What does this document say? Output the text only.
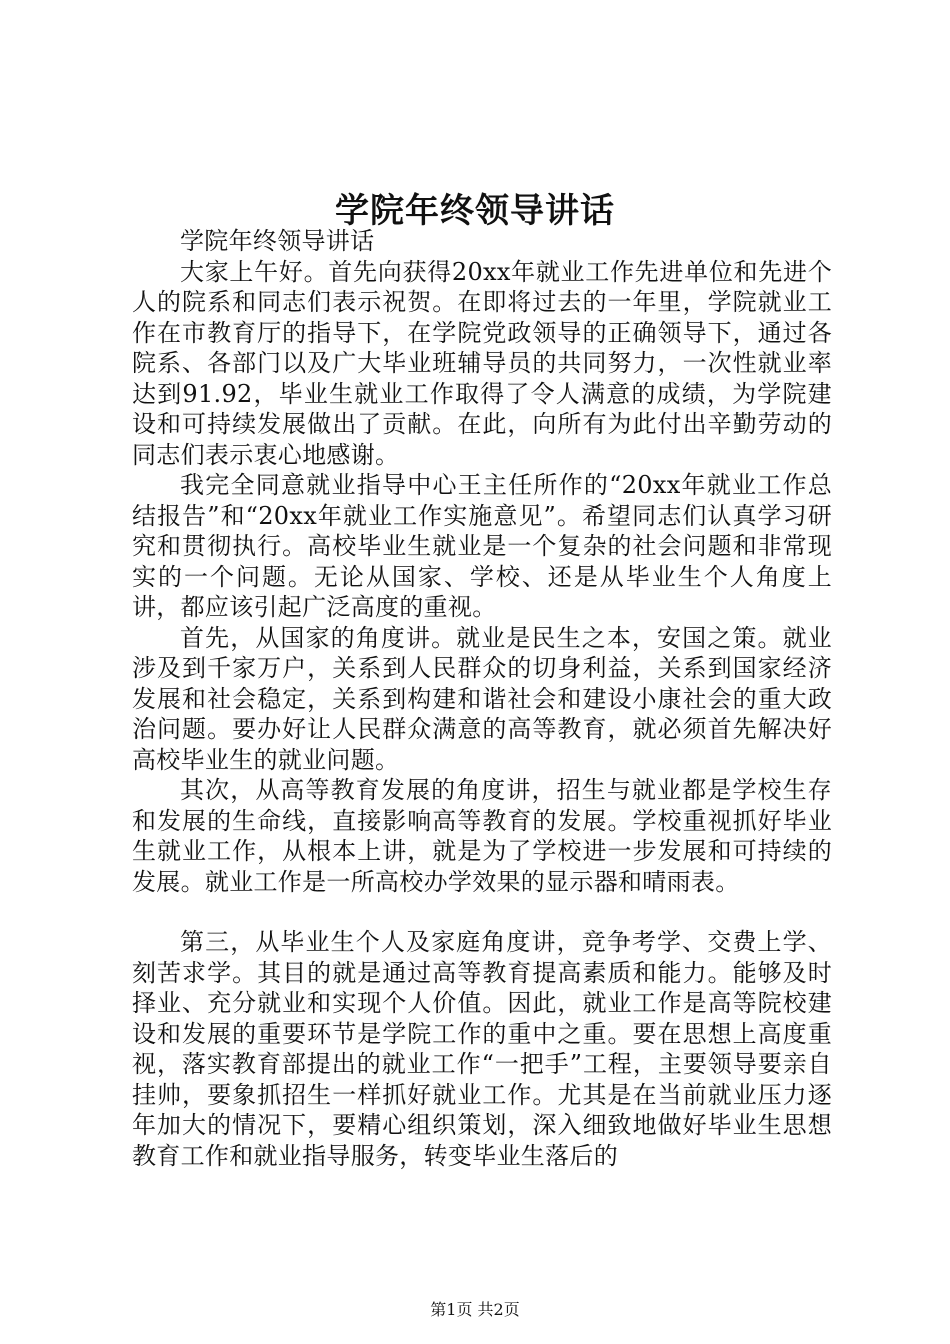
学院年终领导讲话

学院年终领导讲话

大家上午好。首先向获得20xx年就业工作先进单位和先进个人的院系和同志们表示祝贺。在即将过去的一年里，学院就业工作在市教育厅的指导下，在学院党政领导的正确领导下，通过各院系、各部门以及广大毕业班辅导员的共同努力，一次性就业率达到91.92，毕业生就业工作取得了令人满意的成绩，为学院建设和可持续发展做出了贡献。在此，向所有为此付出辛勤劳动的同志们表示衷心地感谢。

我完全同意就业指导中心王主任所作的“20xx年就业工作总结报告”和“20xx年就业工作实施意见”。希望同志们认真学习研究和贯彻执行。高校毕业生就业是一个复杂的社会问题和非常现实的一个问题。无论从国家、学校、还是从毕业生个人角度上讲，都应该引起广泛高度的重视。

首先，从国家的角度讲。就业是民生之本，安国之策。就业涉及到千家万户，关系到人民群众的切身利益，关系到国家经济发展和社会稳定，关系到构建和谐社会和建设小康社会的重大政治问题。要办好让人民群众满意的高等教育，就必须首先解决好高校毕业生的就业问题。

其次，从高等教育发展的角度讲，招生与就业都是学校生存和发展的生命线，直接影响高等教育的发展。学校重视抓好毕业生就业工作，从根本上讲，就是为了学校进一步发展和可持续的发展。就业工作是一所高校办学效果的显示器和晴雨表。

第三，从毕业生个人及家庭角度讲，竞争考学、交费上学、刻苦求学。其目的就是通过高等教育提高素质和能力。能够及时择业、充分就业和实现个人价值。因此，就业工作是高等院校建设和发展的重要环节是学院工作的重中之重。要在思想上高度重视，落实教育部提出的就业工作“一把手”工程，主要领导要亲自挂帅，要象抓招生一样抓好就业工作。尤其是在当前就业压力逐年加大的情况下，要精心组织策划，深入细致地做好毕业生思想教育工作和就业指导服务，转变毕业生落后的

第1页 共2页
